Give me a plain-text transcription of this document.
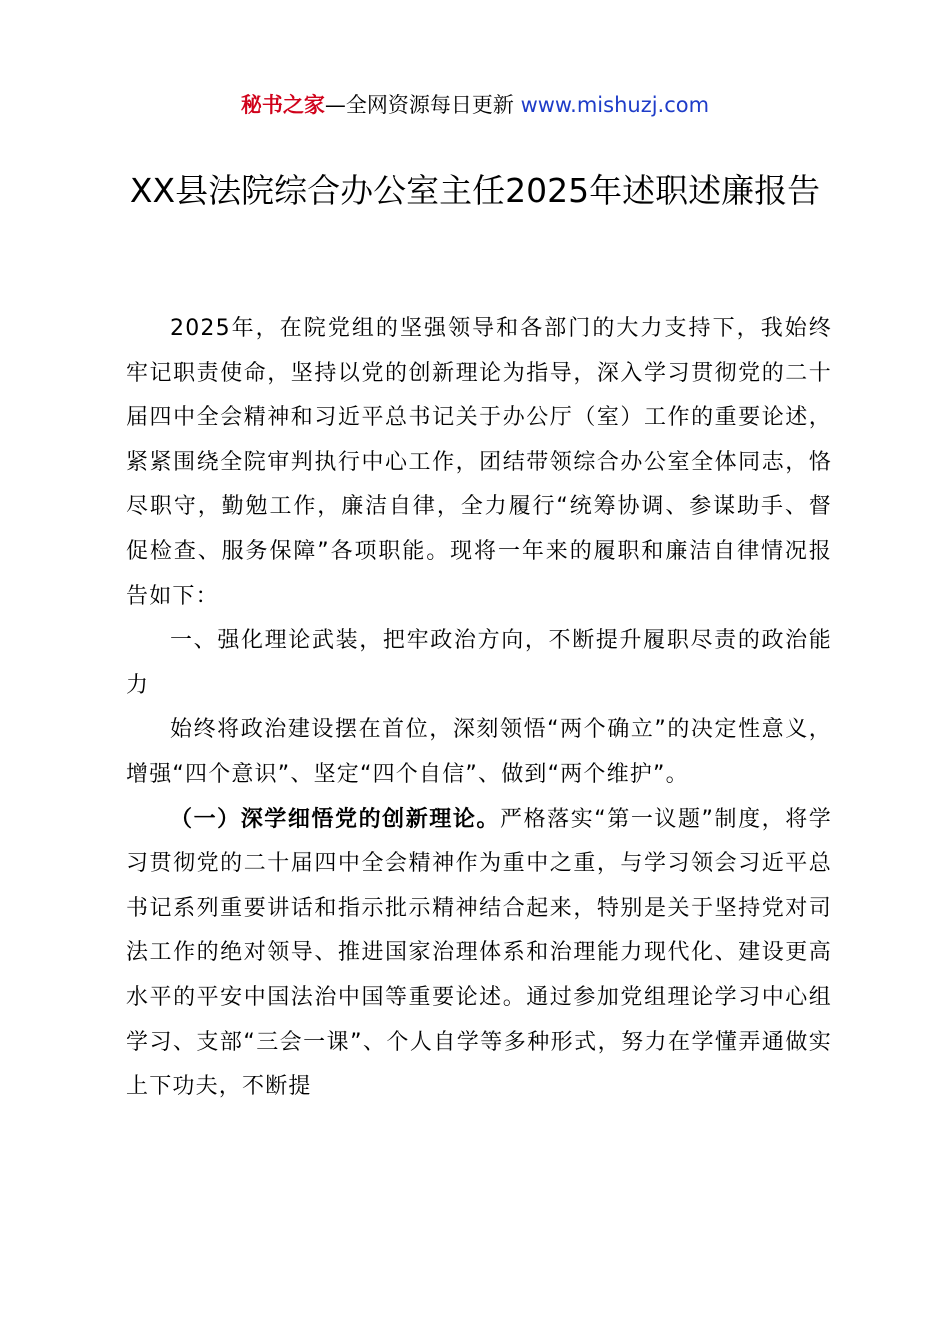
秘书之家—全网资源每日更新 www.mishuzj.com
XX县法院综合办公室主任2025年述职述廉报告

2025年，在院党组的坚强领导和各部门的大力支持下，我始终牢记职责使命，坚持以党的创新理论为指导，深入学习贯彻党的二十届四中全会精神和习近平总书记关于办公厅（室）工作的重要论述，紧紧围绕全院审判执行中心工作，团结带领综合办公室全体同志，恪尽职守，勤勉工作，廉洁自律，全力履行“统筹协调、参谋助手、督促检查、服务保障”各项职能。现将一年来的履职和廉洁自律情况报告如下：

一、强化理论武装，把牢政治方向，不断提升履职尽责的政治能力

始终将政治建设摆在首位，深刻领悟“两个确立”的决定性意义，增强“四个意识”、坚定“四个自信”、做到“两个维护”。

（一）深学细悟党的创新理论。严格落实“第一议题”制度，将学习贯彻党的二十届四中全会精神作为重中之重，与学习领会习近平总书记系列重要讲话和指示批示精神结合起来，特别是关于坚持党对司法工作的绝对领导、推进国家治理体系和治理能力现代化、建设更高水平的平安中国法治中国等重要论述。通过参加党组理论学习中心组学习、支部“三会一课”、个人自学等多种形式，努力在学懂弄通做实上下功夫，不断提
